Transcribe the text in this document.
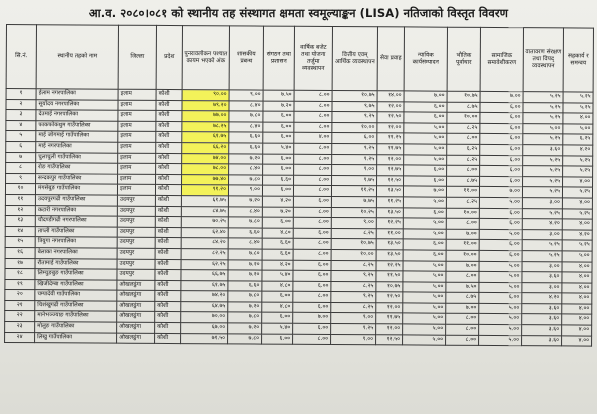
आ.व. २०८०।०८१ को स्थानीय तह संस्थागत क्षमता स्वमूल्याङ्कन (LISA) नतिजाको विस्तृत विवरण
सि.नं.	स्थानीय तहको नाम	जिल्ला	प्रदेश	पुनरावलोकन पश्चात कायम भएको अंक	शासकीय प्रबन्ध	संगठन तथा प्रशासन	वार्षिक बजेट तथा योजना तर्जुमा व्यवस्थापन	वित्तीय एवम् आर्थिक व्यवस्थापन	सेवा प्रवाह	न्यायिक कार्यसम्पादन	भौतिक पूर्वाधार	सामाजिक समावेशीकरण	वातावरण संरक्षण तथा विपद् व्यवस्थापन	सहकार्य र समन्वय
१	ईलाम नगरपालिका	इलाम	कोशी	९०.००	९.००	७.५०	८.००	१०.७५	१४.००	७.००	१०.७५	७.००	५.२५	५.२५
२	सूर्योदय नगरपालिका	इलाम	कोशी	७९.२०	८.४०	७.२०	८.००	९.७५	१२.००	६.००	८.७५	६.००	५.२५	५.२५
३	देउमाई नगरपालिका	इलाम	कोशी	७७.००	७.८०	६.००	८.००	९.२५	१२.५०	६.००	१०.००	६.००	५.२५	४.००
४	फाकफोकथुम गाउँपालिका	इलाम	कोशी	७८.२५	८.४०	६.००	८.००	१०.००	१२.००	५.००	८.२५	६.००	५.००	५.००
५	माई जोगमाई गाउँपालिका	इलाम	कोशी	६१.७५	६.६०	६.००	४.००	६.००	११.२५	५.००	८.००	६.००	५.२५	६.२५
६	माई नगरपालिका	इलाम	कोशी	६६.२०	६.६०	५.४०	८.००	९.२५	११.७५	५.००	६.२५	६.००	३.६०	४.२०
७	चुलाचुली गाउँपालिका	इलाम	कोशी	७४.००	७.२०	६.००	८.००	९.२५	१२.००	५.००	८.२५	६.००	५.२५	५.२५
८	रोङ गाउँपालिका	इलाम	कोशी	७८.००	८.४०	६.००	८.००	९.००	१२.७५	६.००	८.००	६.००	५.२५	५.२५
९	सन्दकपुर गाउँपालिका	इलाम	कोशी	७७.४०	७.८०	६.६०	८.००	९.७५	१२.५०	६.००	८.७५	६.००	५.२५	४.००
१०	मंगसेबुङ गाउँपालिका	इलाम	कोशी	९१.२०	९.००	६.००	८.००	११.२५	१३.५०	७.००	११.००	७.००	५.२५	५.२५
११	उदयपुरगढी गाउँपालिका	उदयपुर	कोशी	६१.७५	७.२०	४.२०	६.००	७.७५	११.२५	५.००	८.२५	५.००	३.००	४.००
१२	कटारी नगरपालिका	उदयपुर	कोशी	८४.७५	८.४०	७.२०	८.००	१०.२५	१३.५०	६.००	१०.००	६.००	५.२५	५.२५
१३	चौदण्डीगढी नगरपालिका	उदयपुर	कोशी	७०.२५	७.८०	६.००	८.००	९.००	१२.२५	५.००	८.००	६.००	४.२०	४.००
१४	ताप्ली गाउँपालिका	उदयपुर	कोशी	६२.४०	६.६०	४.८०	६.००	८.२५	११.००	५.००	७.००	५.००	३.००	४.२०
१५	त्रियुगा नगरपालिका	उदयपुर	कोशी	८४.२०	८.४०	६.६०	८.००	१०.७५	१३.५०	६.००	११.००	६.००	५.२५	५.२५
१६	बेलाका नगरपालिका	उदयपुर	कोशी	८२.२५	७.८०	६.६०	८.००	१०.००	१३.५०	६.००	१०.००	६.००	५.२५	५.००
१७	रौतामाई गाउँपालिका	उदयपुर	कोशी	६२.२५	७.२०	४.२०	६.००	८.२५	१२.२५	५.००	७.००	५.००	३.००	४.००
१८	लिम्चुङबुङ गाउँपालिका	उदयपुर	कोशी	६६.७५	७.२०	५.४०	६.००	९.२५	११.५०	५.००	८.००	५.००	३.६०	४.००
१९	खिजीदेम्बा गाउँपालिका	ओखलढुंगा	कोशी	६१.७५	६.६०	४.८०	६.००	८.२५	१०.७५	५.००	७.५०	५.००	३.००	४.००
२०	चम्पादेवी गाउँपालिका	ओखलढुंगा	कोशी	७४.२०	७.८०	६.००	८.००	९.२५	१२.५०	५.००	८.७५	६.००	४.२०	४.००
२१	चिशंखुगढी गाउँपालिका	ओखलढुंगा	कोशी	६४.७५	७.२०	४.८०	६.००	८.२५	१२.००	५.००	७.००	५.००	३.६०	४.००
२२	मानेभञ्ज्याङ गाउँपालिका	ओखलढुंगा	कोशी	७०.००	७.८०	६.००	७.००	९.००	११.७५	५.००	८.००	५.००	३.६०	४.००
२३	मोलुङ गाउँपालिका	ओखलढुंगा	कोशी	६७.००	७.२०	५.४०	६.००	९.२५	१२.००	५.००	८.००	५.००	३.६०	४.००
२४	लिखु गाउँपालिका	ओखलढुंगा	कोशी	७१.५०	७.८०	६.००	८.००	९.००	१२.५०	५.००	८.००	५.००	३.६०	४.००
